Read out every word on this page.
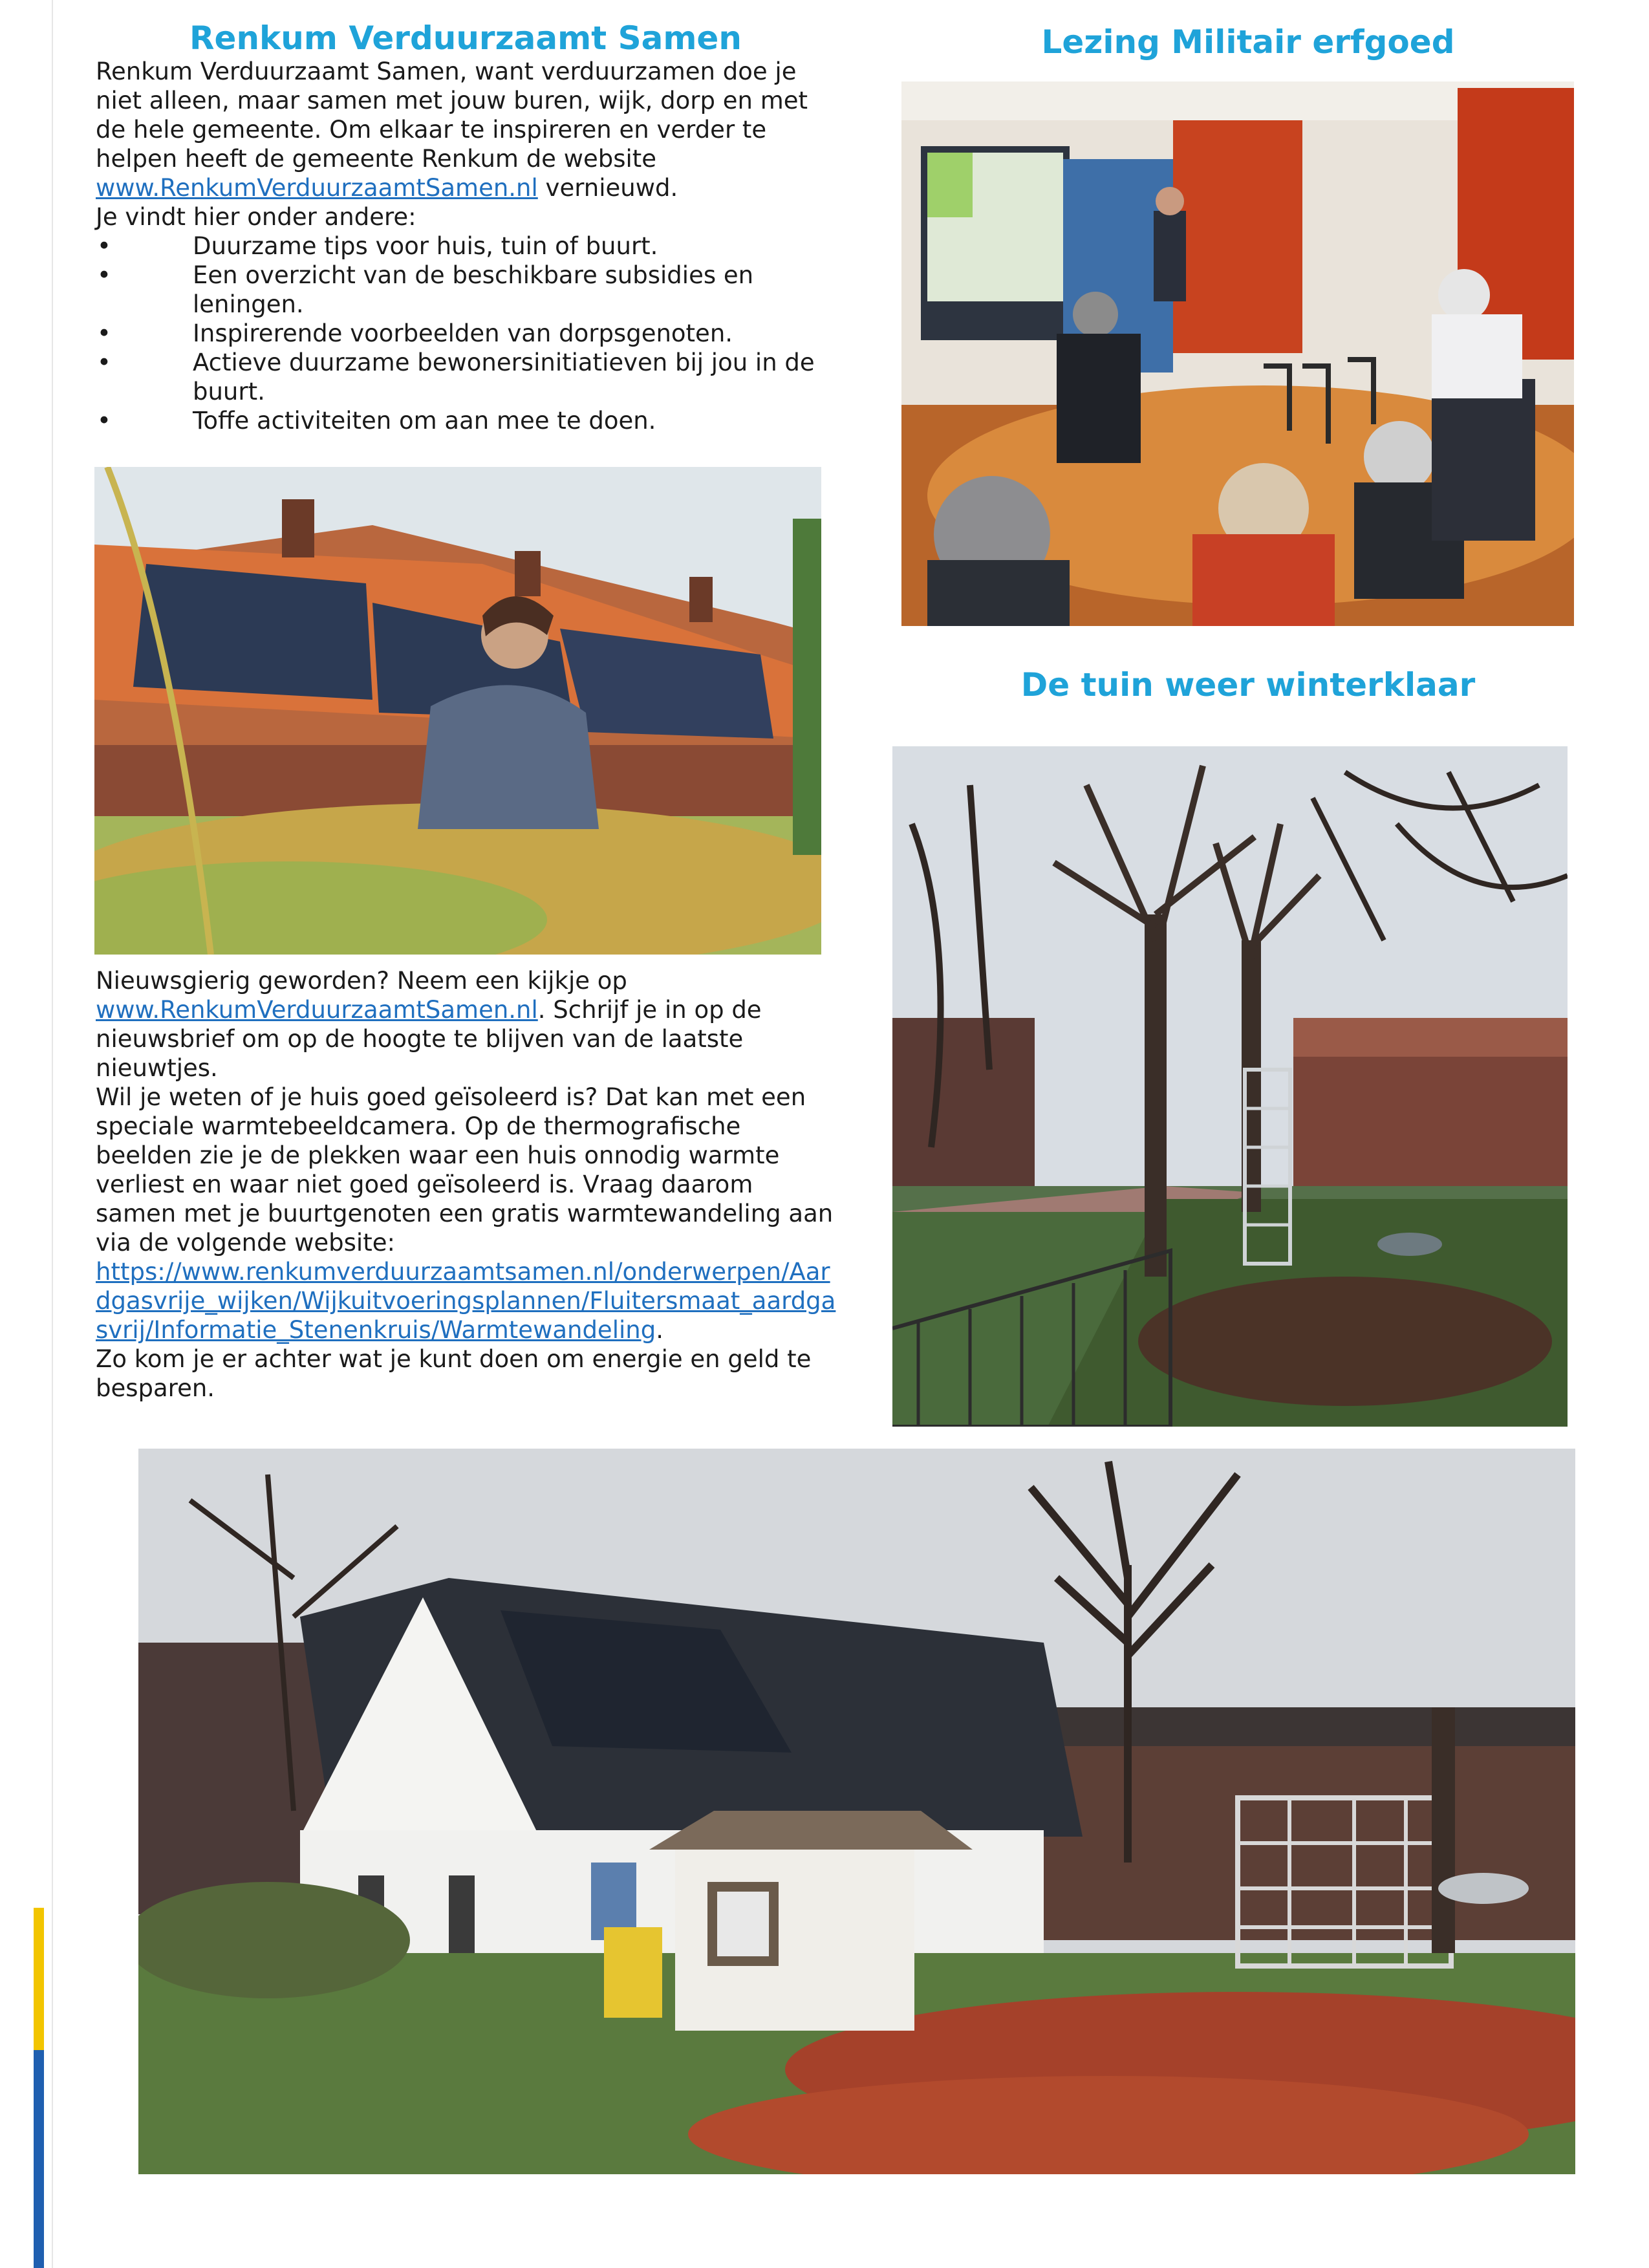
Renkum Verduurzaamt Samen

Renkum Verduurzaamt Samen, want verduurzamen doe je niet alleen, maar samen met jouw buren, wijk, dorp en met de hele gemeente. Om elkaar te inspireren en verder te helpen heeft de gemeente Renkum de website
www.RenkumVerduurzaamtSamen.nl vernieuwd.

Je vindt hier onder andere:

• Duurzame tips voor huis, tuin of buurt.
• Een overzicht van de beschikbare subsidies en leningen.
• Inspirerende voorbeelden van dorpsgenoten.
• Actieve duurzame bewonersinitiatieven bij jou in de buurt.
• Toffe activiteiten om aan mee te doen.

Nieuwsgierig geworden? Neem een kijkje op www.RenkumVerduurzaamtSamen.nl. Schrijf je in op de nieuwsbrief om op de hoogte te blijven van de laatste nieuwtjes.

Wil je weten of je huis goed geïsoleerd is? Dat kan met een speciale warmtebeeldcamera. Op de thermografische beelden zie je de plekken waar een huis onnodig warmte verliest en waar niet goed geïsoleerd is. Vraag daarom samen met je buurtgenoten een gratis warmtewandeling aan via de volgende website:

https://www.renkumverduurzaamtsamen.nl/onderwerpen/Aardgasvrije_wijken/Wijkuitvoeringsplannen/Fluitersmaat_aardgasvrij/Informatie_Stenenkruis/Warmtewandeling.

Zo kom je er achter wat je kunt doen om energie en geld te besparen.

Lezing Militair erfgoed
De tuin weer winterklaar
